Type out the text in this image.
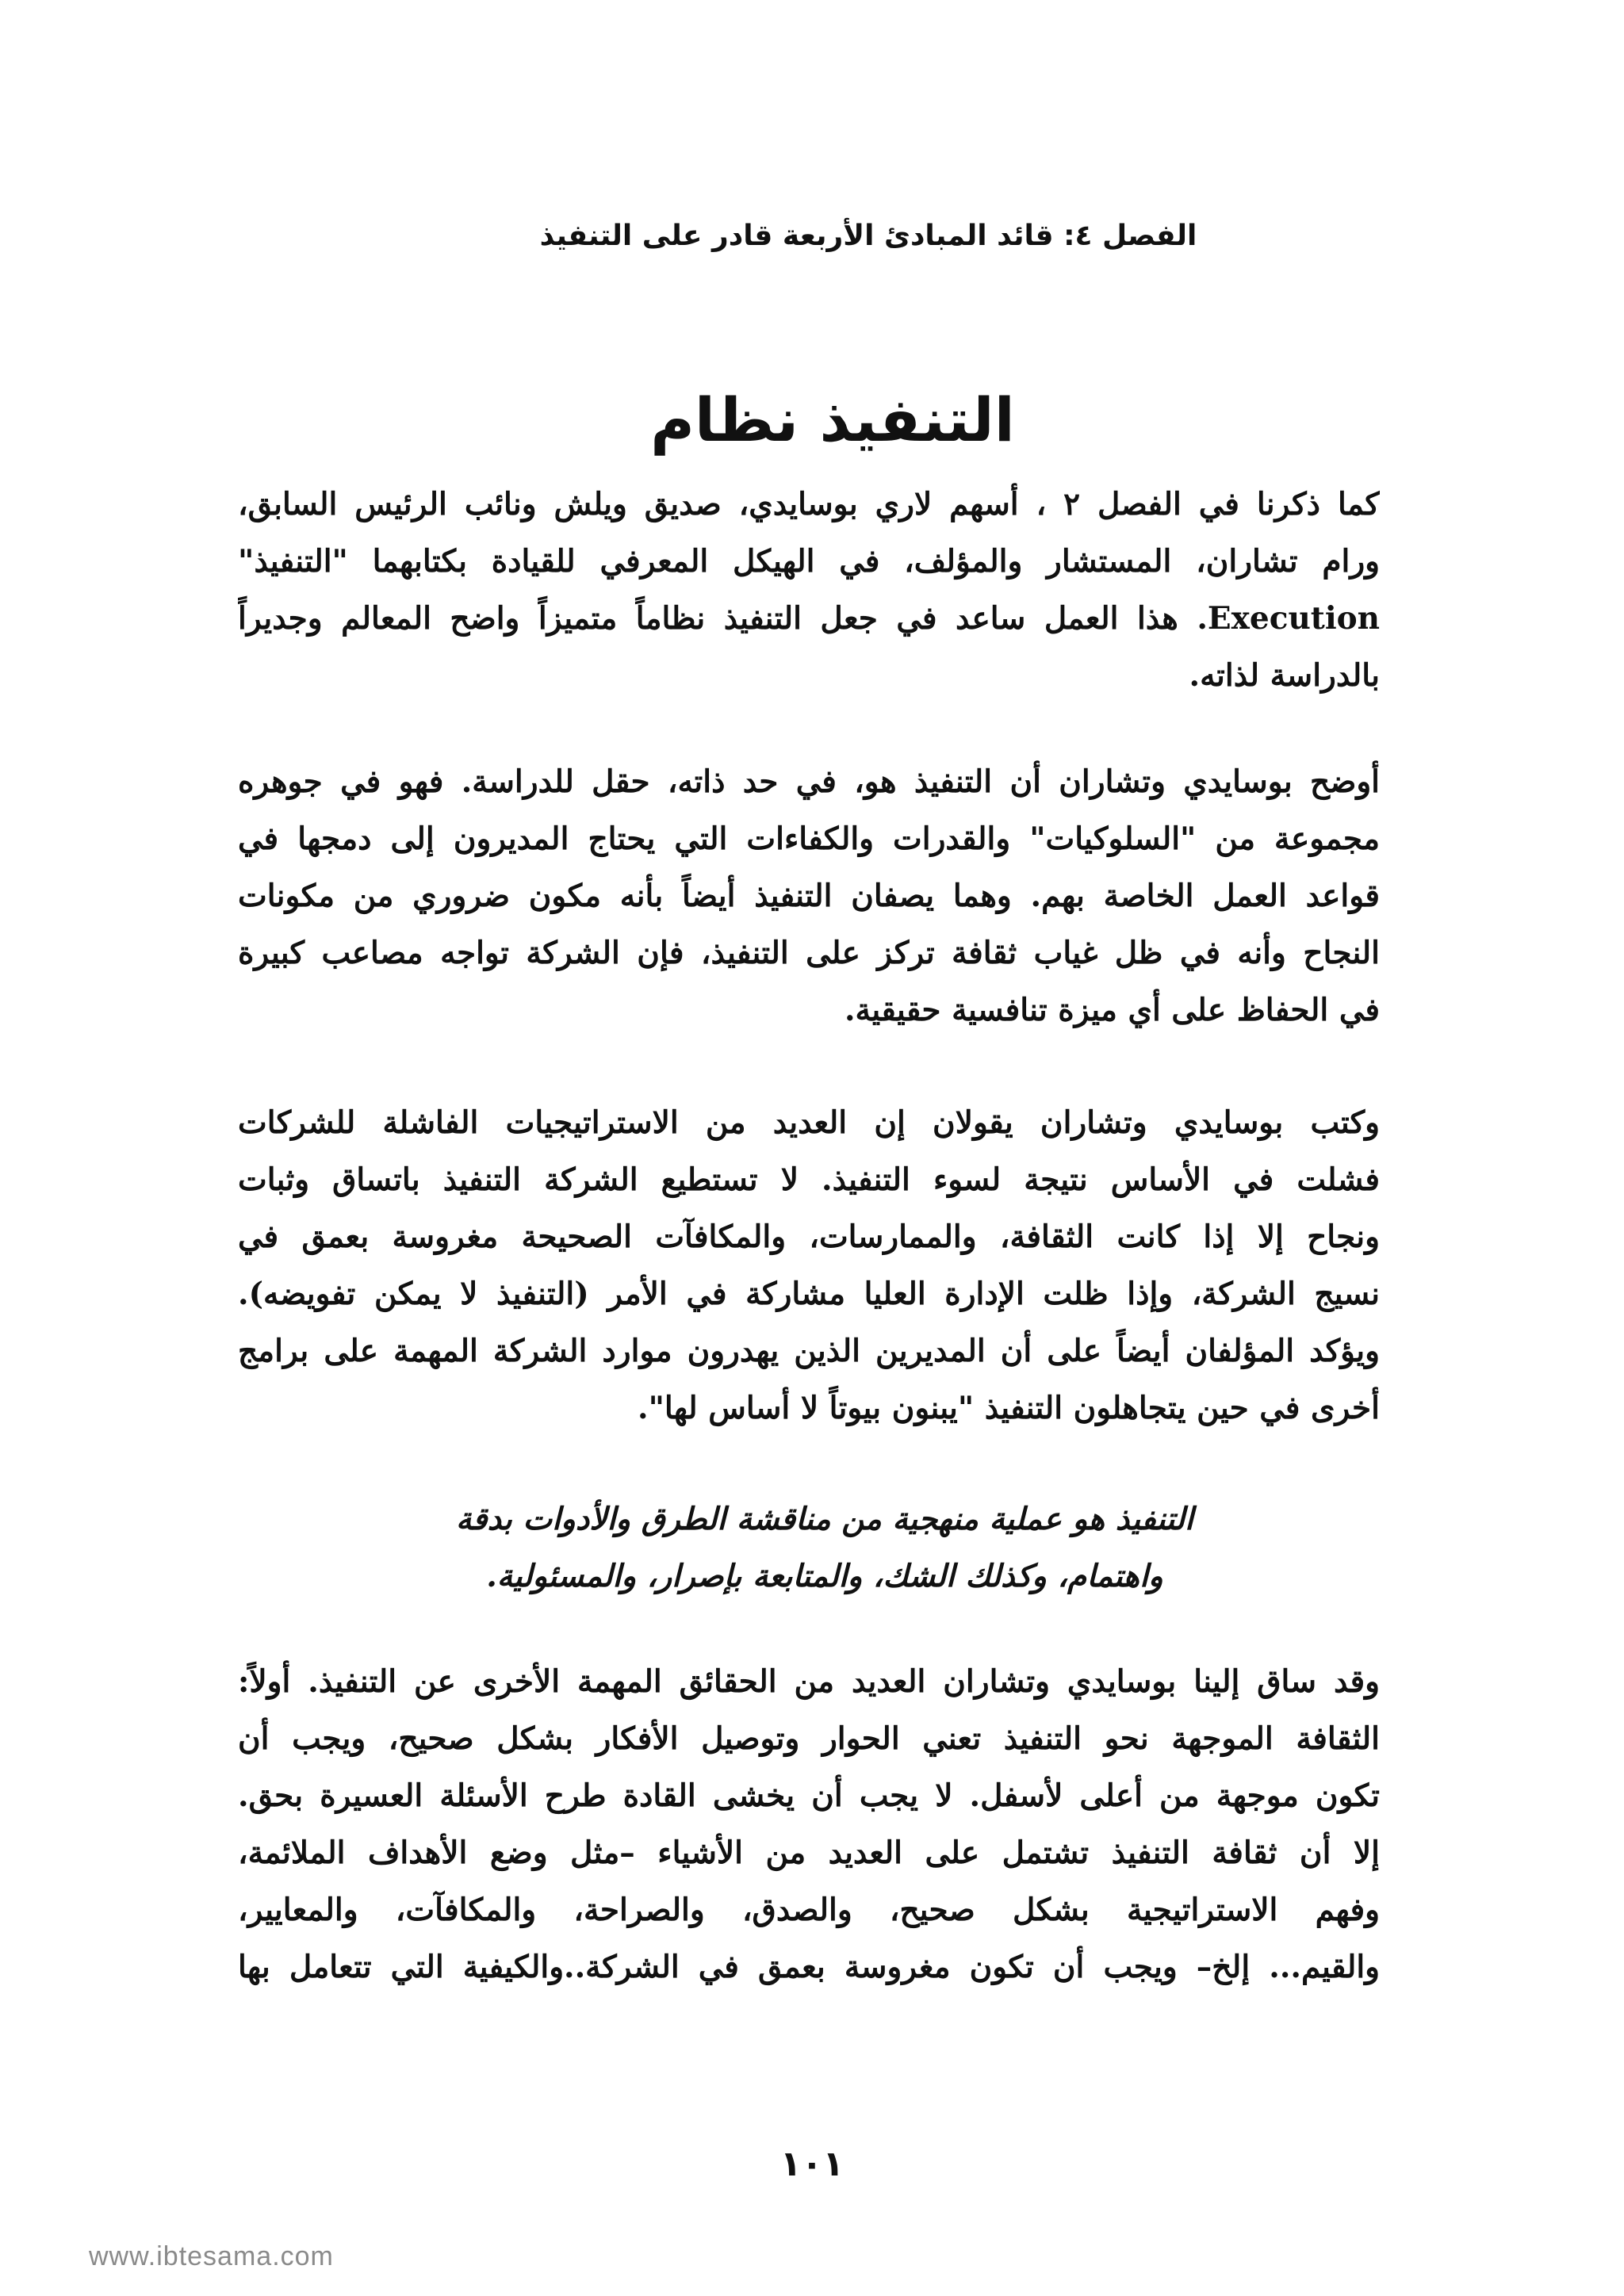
الفصل ٤: قائد المبادئ الأربعة قادر على التنفيذ
التنفيذ نظام
كما ذكرنا في الفصل ٢ ، أسهم لاري بوسايدي، صديق ويلش ونائب الرئيس السابق،
ورام تشاران، المستشار والمؤلف، في الهيكل المعرفي للقيادة بكتابهما "التنفيذ"
Execution. هذا العمل ساعد في جعل التنفيذ نظاماً متميزاً واضح المعالم وجديراً
بالدراسة لذاته.
أوضح بوسايدي وتشاران أن التنفيذ هو، في حد ذاته، حقل للدراسة. فهو في جوهره
مجموعة من "السلوكيات" والقدرات والكفاءات التي يحتاج المديرون إلى دمجها في
قواعد العمل الخاصة بهم. وهما يصفان التنفيذ أيضاً بأنه مكون ضروري من مكونات
النجاح وأنه في ظل غياب ثقافة تركز على التنفيذ، فإن الشركة تواجه مصاعب كبيرة
في الحفاظ على أي ميزة تنافسية حقيقية.
وكتب بوسايدي وتشاران يقولان إن العديد من الاستراتيجيات الفاشلة للشركات
فشلت في الأساس نتيجة لسوء التنفيذ. لا تستطيع الشركة التنفيذ باتساق وثبات
ونجاح إلا إذا كانت الثقافة، والممارسات، والمكافآت الصحيحة مغروسة بعمق في
نسيج الشركة، وإذا ظلت الإدارة العليا مشاركة في الأمر (التنفيذ لا يمكن تفويضه).
ويؤكد المؤلفان أيضاً على أن المديرين الذين يهدرون موارد الشركة المهمة على برامج
أخرى في حين يتجاهلون التنفيذ "يبنون بيوتاً لا أساس لها".
التنفيذ هو عملية منهجية من مناقشة الطرق والأدوات بدقة
واهتمام، وكذلك الشك، والمتابعة بإصرار، والمسئولية.
وقد ساق إلينا بوسايدي وتشاران العديد من الحقائق المهمة الأخرى عن التنفيذ. أولاً:
الثقافة الموجهة نحو التنفيذ تعني الحوار وتوصيل الأفكار بشكل صحيح، ويجب أن
تكون موجهة من أعلى لأسفل. لا يجب أن يخشى القادة طرح الأسئلة العسيرة بحق.
إلا أن ثقافة التنفيذ تشتمل على العديد من الأشياء –مثل وضع الأهداف الملائمة،
وفهم الاستراتيجية بشكل صحيح، والصدق، والصراحة، والمكافآت، والمعايير،
والقيم... إلخ– ويجب أن تكون مغروسة بعمق في الشركة..والكيفية التي تتعامل بها
١٠١
www.ibtesama.com
